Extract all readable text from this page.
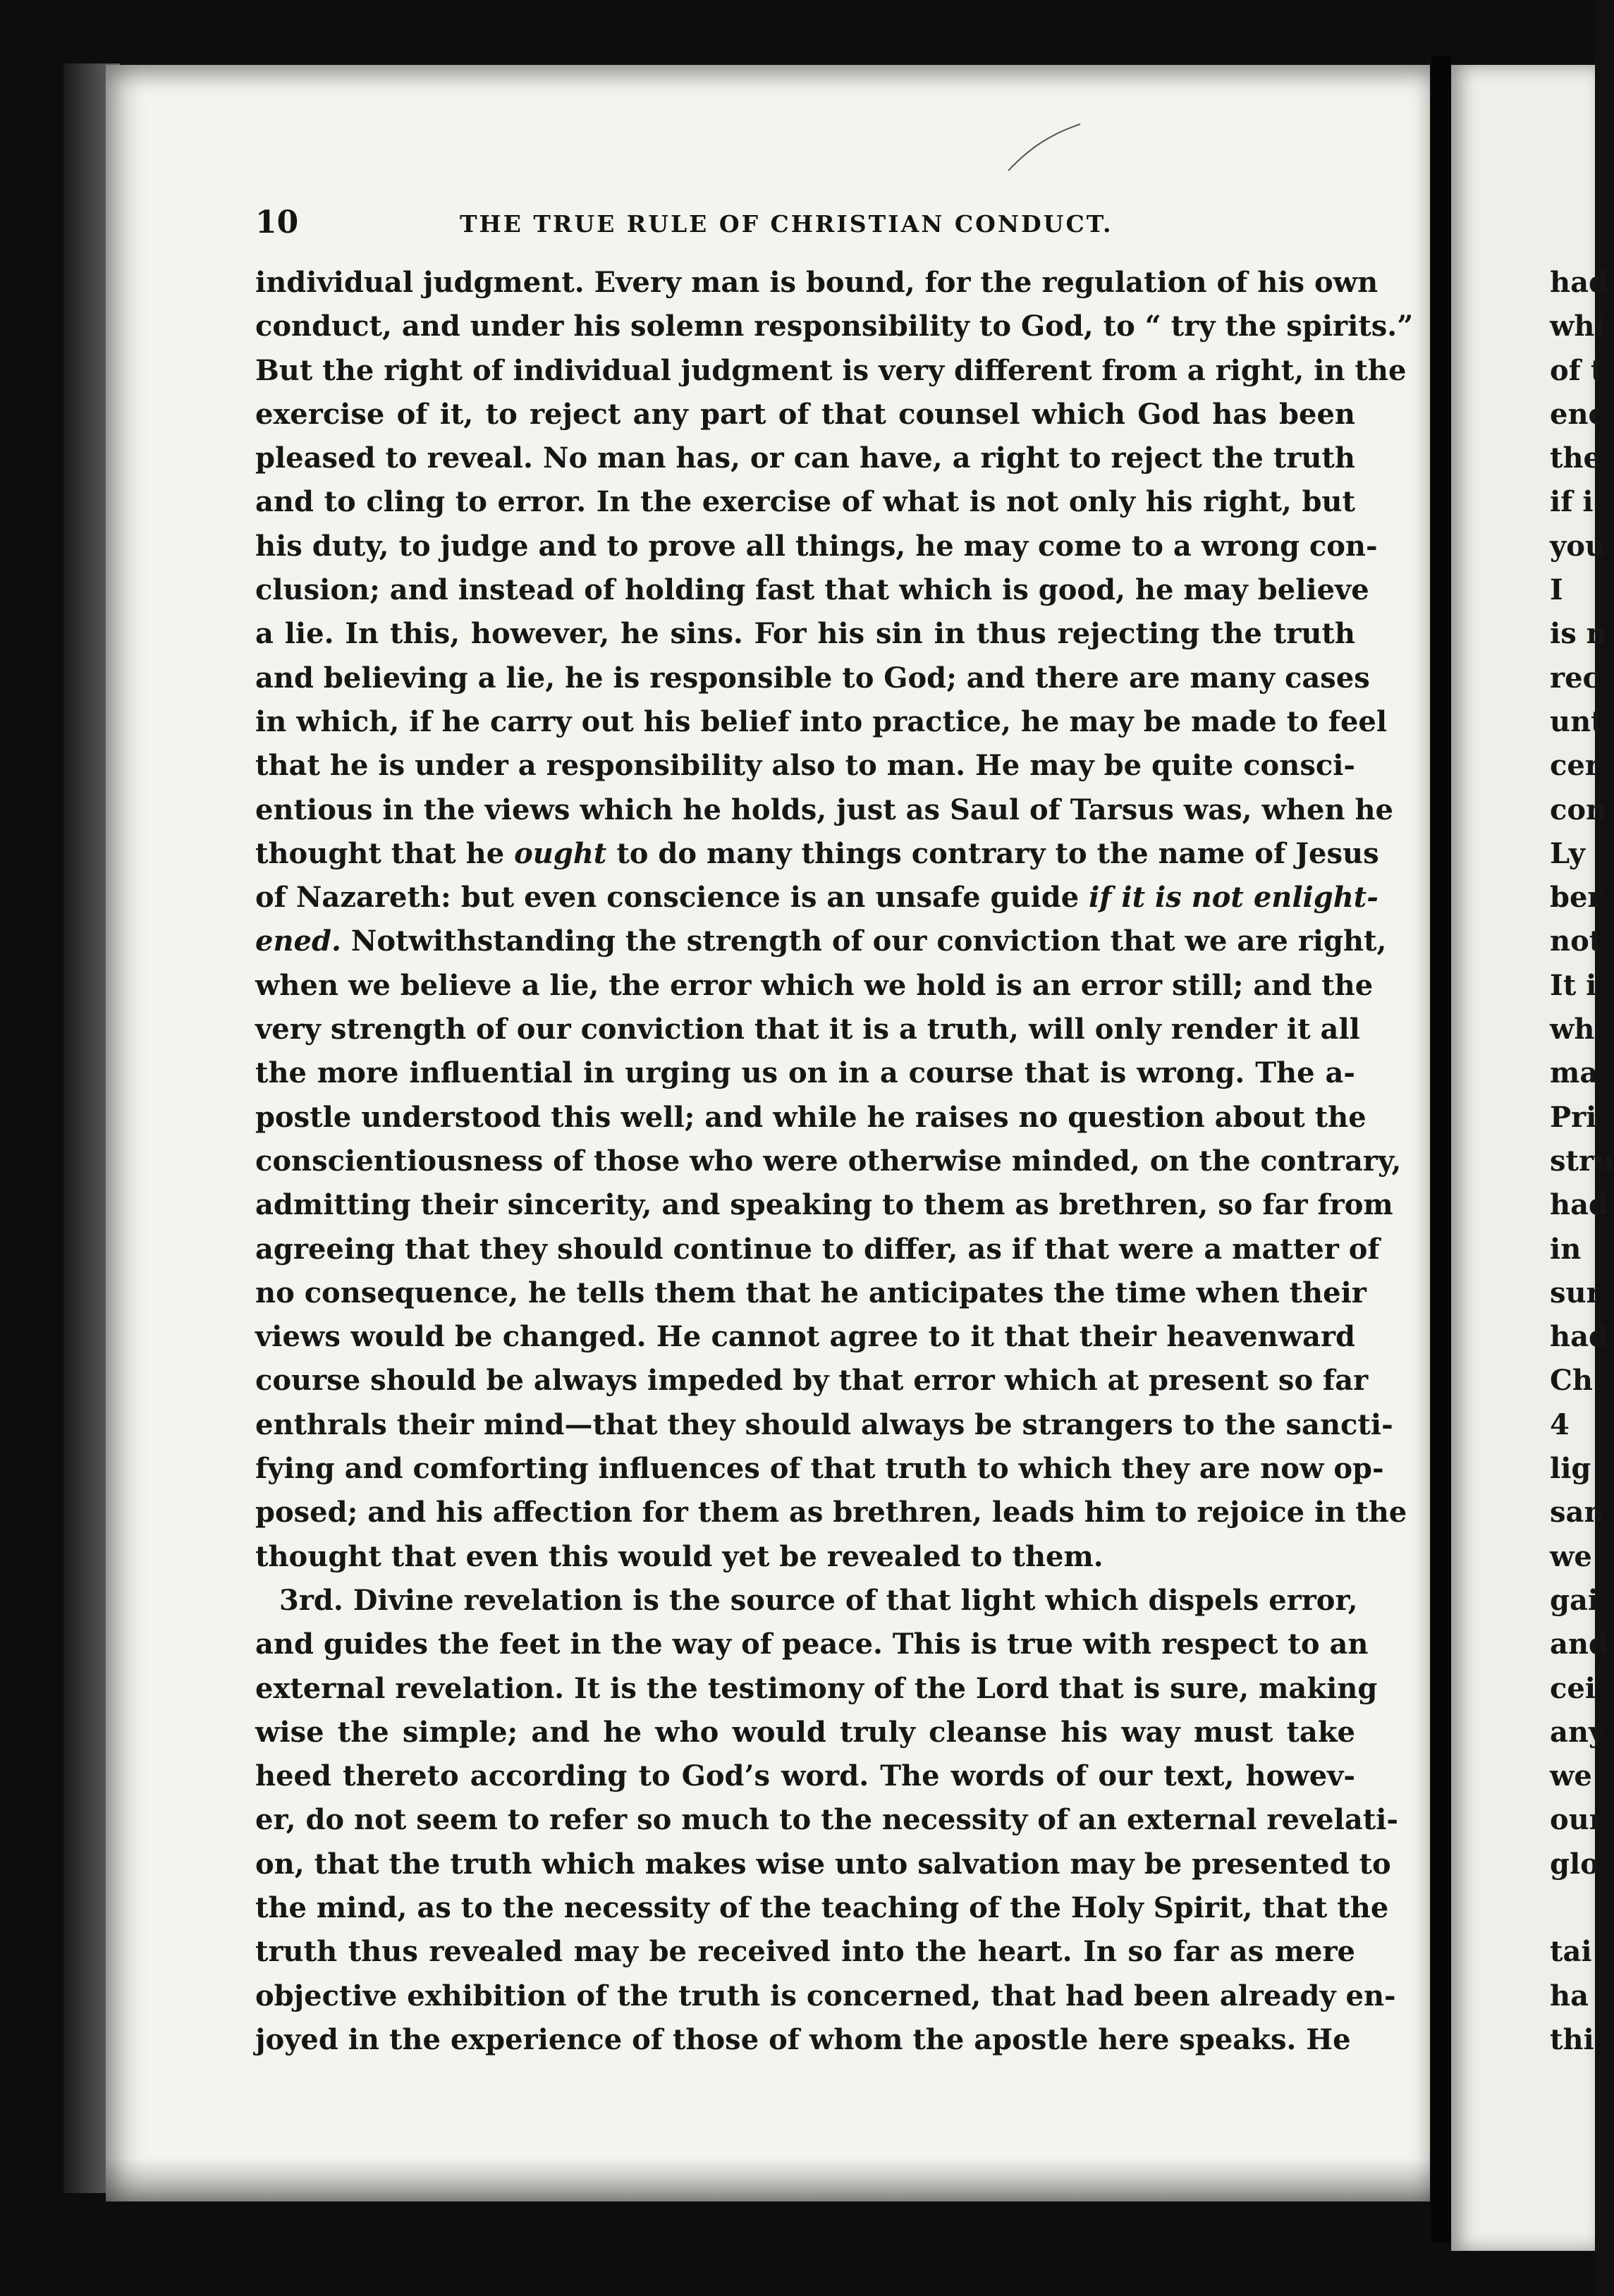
10	THE TRUE RULE OF CHRISTIAN CONDUCT.
individual judgment. Every man is bound, for the regulation of his own
conduct, and under his solemn responsibility to God, to “ try the spirits.”
But the right of individual judgment is very different from a right, in the
exercise of it, to reject any part of that counsel which God has been
pleased to reveal. No man has, or can have, a right to reject the truth
and to cling to error. In the exercise of what is not only his right, but
his duty, to judge and to prove all things, he may come to a wrong con-
clusion; and instead of holding fast that which is good, he may believe
a lie. In this, however, he sins. For his sin in thus rejecting the truth
and believing a lie, he is responsible to God; and there are many cases
in which, if he carry out his belief into practice, he may be made to feel
that he is under a responsibility also to man. He may be quite consci-
entious in the views which he holds, just as Saul of Tarsus was, when he
thought that he ought to do many things contrary to the name of Jesus
of Nazareth: but even conscience is an unsafe guide if it is not enlight-
ened. Notwithstanding the strength of our conviction that we are right,
when we believe a lie, the error which we hold is an error still; and the
very strength of our conviction that it is a truth, will only render it all
the more influential in urging us on in a course that is wrong. The a-
postle understood this well; and while he raises no question about the
conscientiousness of those who were otherwise minded, on the contrary,
admitting their sincerity, and speaking to them as brethren, so far from
agreeing that they should continue to differ, as if that were a matter of
no consequence, he tells them that he anticipates the time when their
views would be changed. He cannot agree to it that their heavenward
course should be always impeded by that error which at present so far
enthrals their mind—that they should always be strangers to the sancti-
fying and comforting influences of that truth to which they are now op-
posed; and his affection for them as brethren, leads him to rejoice in the
thought that even this would yet be revealed to them.
3rd. Divine revelation is the source of that light which dispels error,
and guides the feet in the way of peace. This is true with respect to an
external revelation. It is the testimony of the Lord that is sure, making
wise the simple; and he who would truly cleanse his way must take
heed thereto according to God’s word. The words of our text, howev-
er, do not seem to refer so much to the necessity of an external revelati-
on, that the truth which makes wise unto salvation may be presented to
the mind, as to the necessity of the teaching of the Holy Spirit, that the
truth thus revealed may be received into the heart. In so far as mere
objective exhibition of the truth is concerned, that had been already en-
joyed in the experience of those of whom the apostle here speaks. He
had
whi
of t
enc
the
if i
you
I
is n
rec
unt
cer
con
Ly
ber
not
It i
wh
ma
Pri
stru
had
in
sur
had
Ch
4
lig
san
we
gai
and
cei
any
we
our
glo
tai
ha
thi
